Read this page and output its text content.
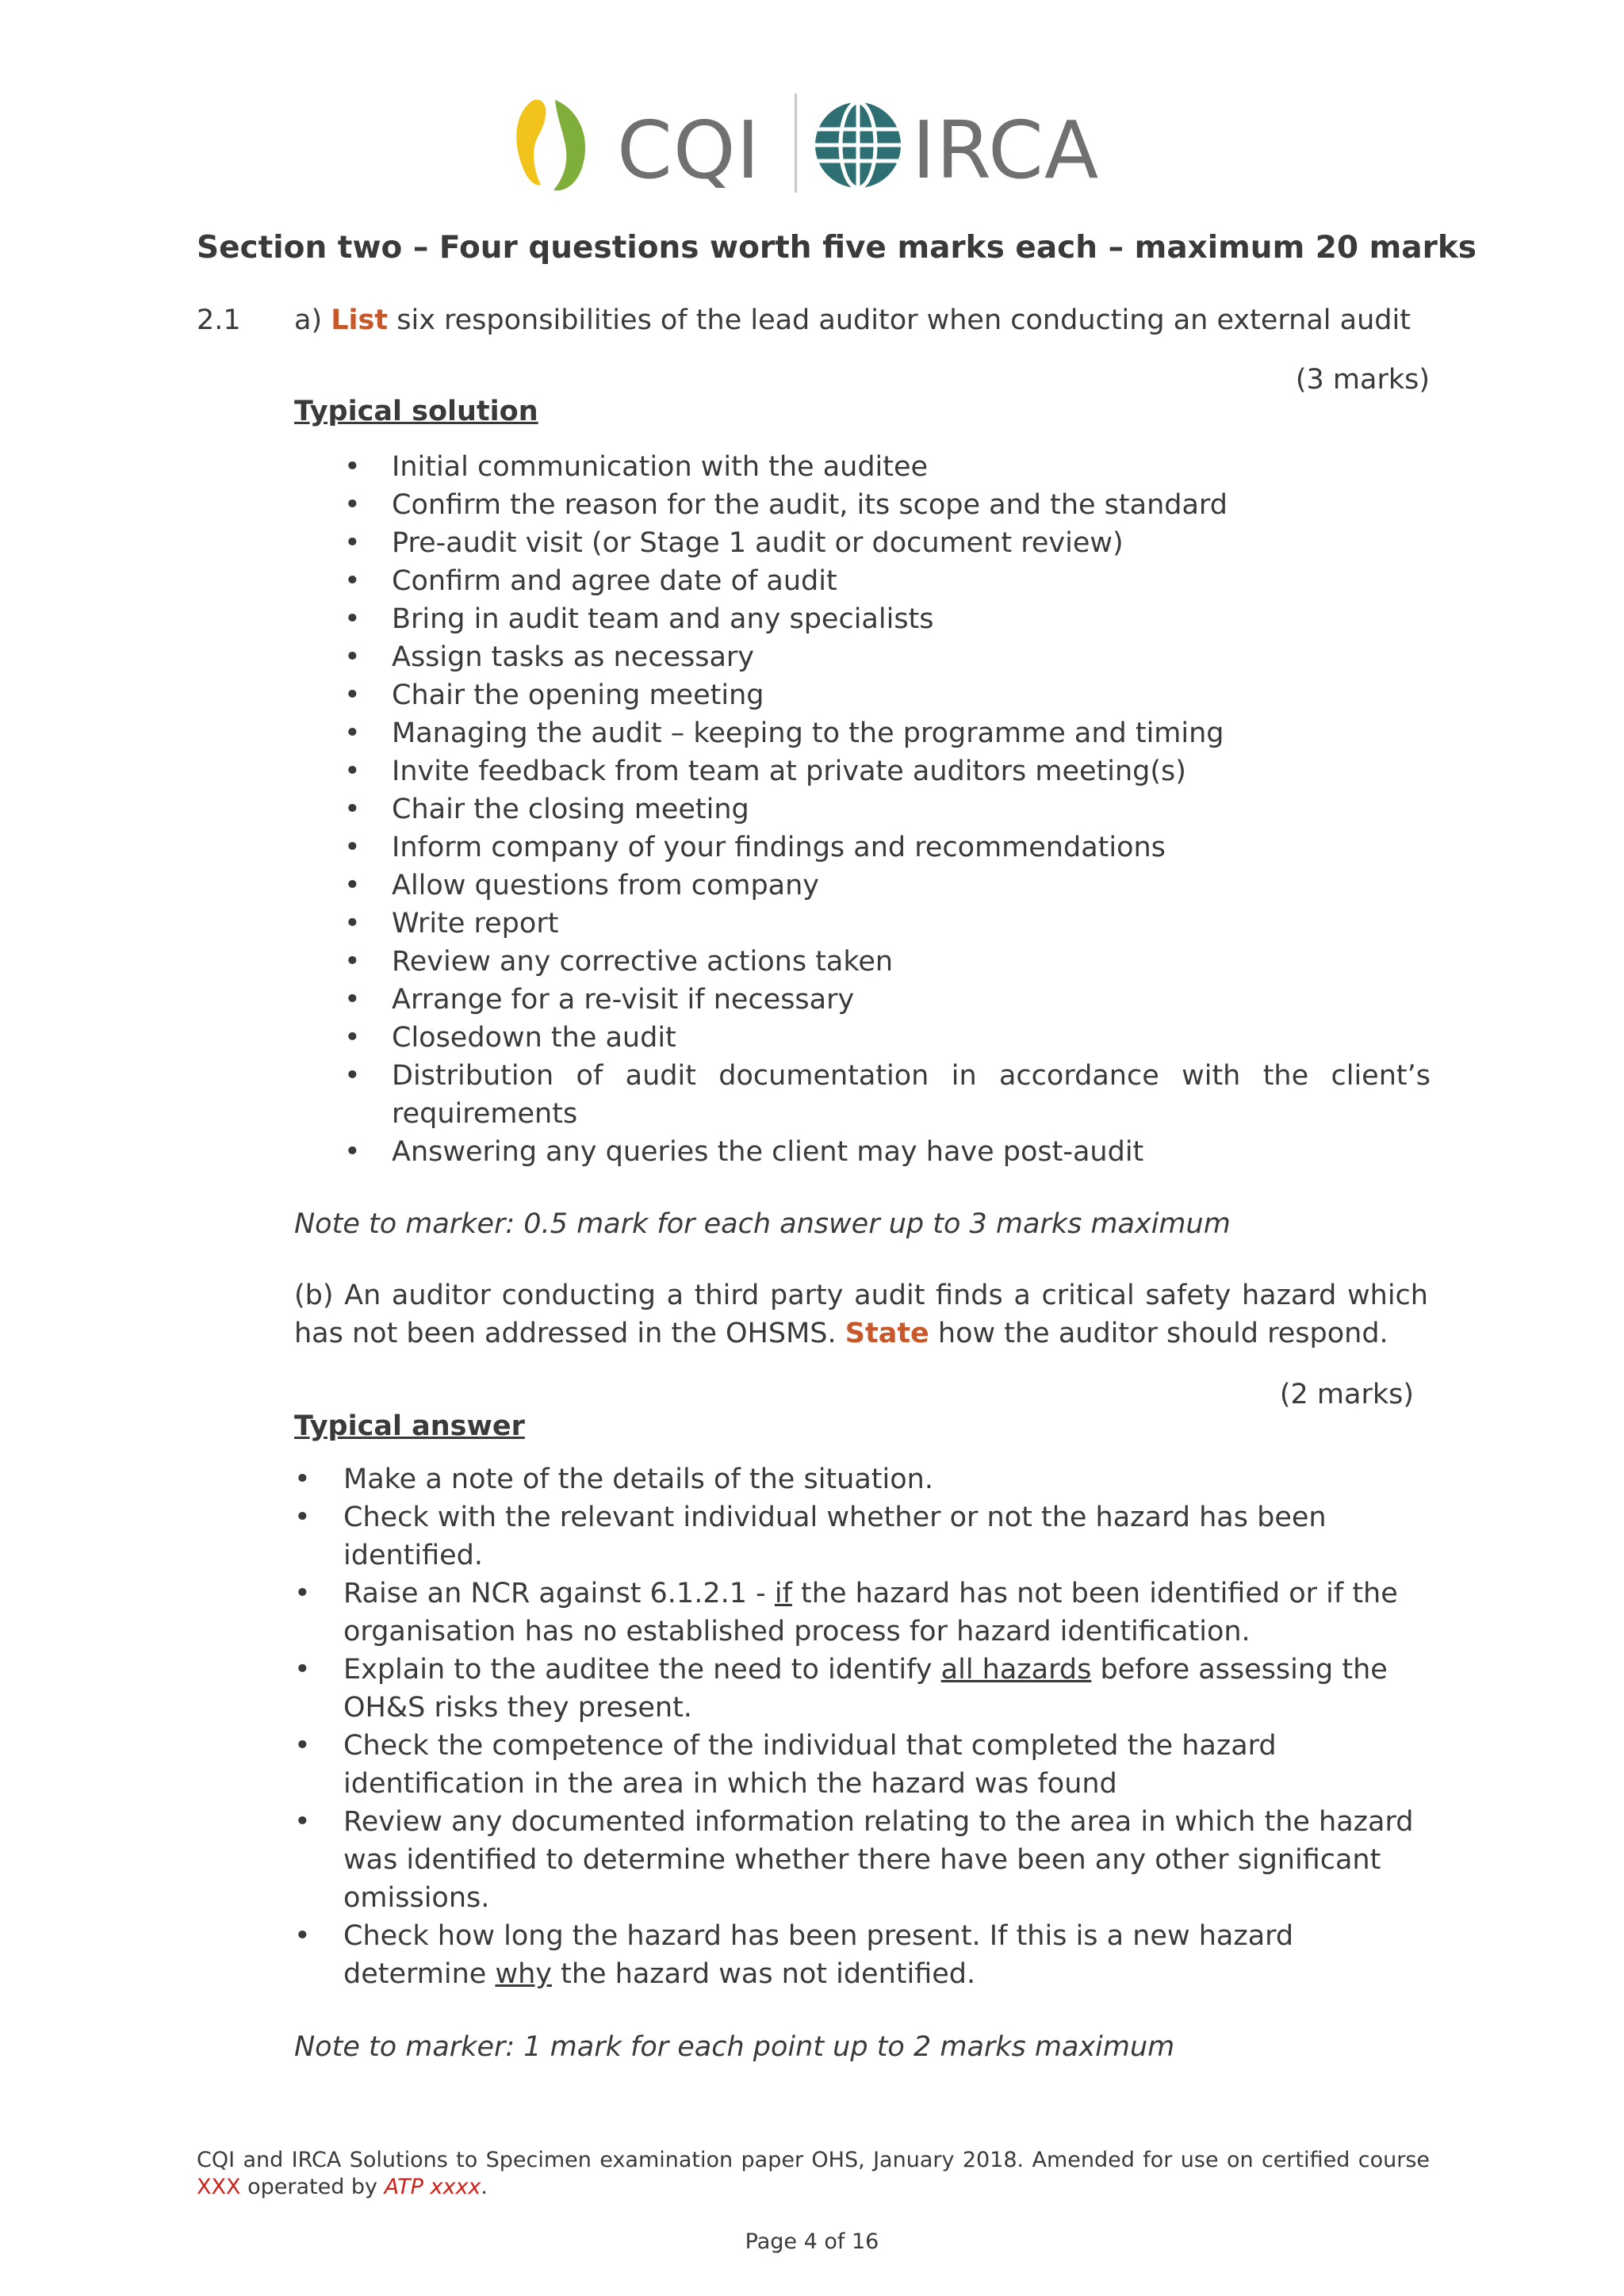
CQI IRCA
Section two – Four questions worth five marks each – maximum 20 marks
2.1 a) List six responsibilities of the lead auditor when conducting an external audit
(3 marks)
Typical solution
• Initial communication with the auditee
• Confirm the reason for the audit, its scope and the standard
• Pre-audit visit (or Stage 1 audit or document review)
• Confirm and agree date of audit
• Bring in audit team and any specialists
• Assign tasks as necessary
• Chair the opening meeting
• Managing the audit – keeping to the programme and timing
• Invite feedback from team at private auditors meeting(s)
• Chair the closing meeting
• Inform company of your findings and recommendations
• Allow questions from company
• Write report
• Review any corrective actions taken
• Arrange for a re-visit if necessary
• Closedown the audit
• Distribution of audit documentation in accordance with the client’s
requirements
• Answering any queries the client may have post-audit
Note to marker: 0.5 mark for each answer up to 3 marks maximum
(b) An auditor conducting a third party audit finds a critical safety hazard which
has not been addressed in the OHSMS. State how the auditor should respond.
(2 marks)
Typical answer
• Make a note of the details of the situation.
• Check with the relevant individual whether or not the hazard has been
identified.
• Raise an NCR against 6.1.2.1 - if the hazard has not been identified or if the
organisation has no established process for hazard identification.
• Explain to the auditee the need to identify all hazards before assessing the
OH&S risks they present.
• Check the competence of the individual that completed the hazard
identification in the area in which the hazard was found
• Review any documented information relating to the area in which the hazard
was identified to determine whether there have been any other significant
omissions.
• Check how long the hazard has been present. If this is a new hazard
determine why the hazard was not identified.
Note to marker: 1 mark for each point up to 2 marks maximum
CQI and IRCA Solutions to Specimen examination paper OHS, January 2018. Amended for use on certified course
XXX operated by ATP xxxx.
Page 4 of 16
